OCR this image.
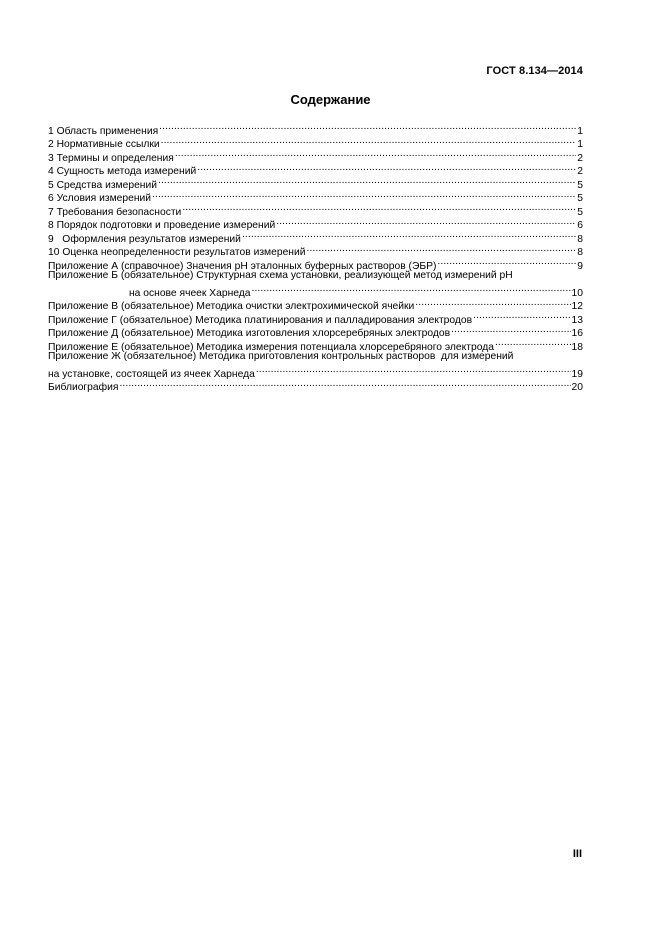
ГОСТ 8.134—2014
Содержание
1 Область применения .....	1
2 Нормативные ссылки .....	1
3 Термины и определения .....	2
4 Сущность метода измерений .....	2
5 Средства измерений .....	5
6 Условия измерений .....	5
7 Требования безопасности .....	5
8 Порядок подготовки и проведение измерений .....	6
9   Оформления результатов измерений .....	8
10 Оценка неопределенности результатов измерений .....	8
Приложение А (справочное) Значения pH эталонных буферных растворов (ЭБР) .....	9
Приложение Б (обязательное) Структурная схема установки, реализующей метод измерений pH
на основе ячеек Харнеда .....	10
Приложение В (обязательное) Методика очистки электрохимической ячейки .....	12
Приложение Г (обязательное) Методика платинирования и палладирования электродов .....	13
Приложение Д (обязательное) Методика изготовления хлорсеребряных электродов .....	16
Приложение Е (обязательное) Методика измерения потенциала хлорсеребряного электрода .....	18
Приложение Ж (обязательное) Методика приготовления контрольных растворов  для измерений
на установке, состоящей из ячеек Харнеда .....	19
Библиография .....	20
III
